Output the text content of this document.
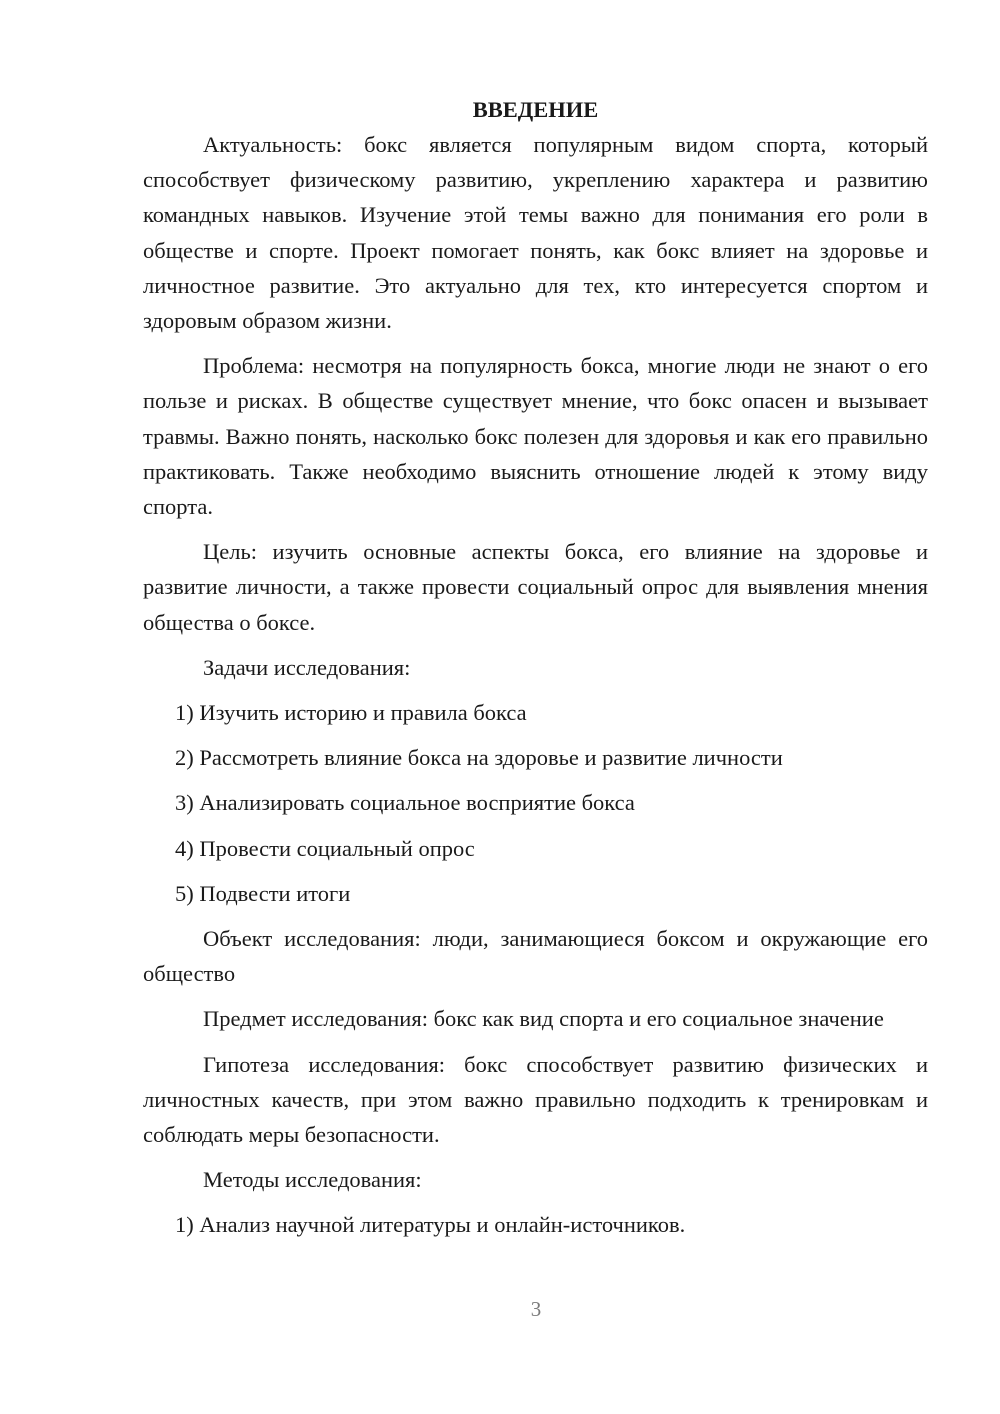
ВВЕДЕНИЕ

Актуальность: бокс является популярным видом спорта, который способствует физическому развитию, укреплению характера и развитию командных навыков. Изучение этой темы важно для понимания его роли в обществе и спорте. Проект помогает понять, как бокс влияет на здоровье и личностное развитие. Это актуально для тех, кто интересуется спортом и здоровым образом жизни.

Проблема: несмотря на популярность бокса, многие люди не знают о его пользе и рисках. В обществе существует мнение, что бокс опасен и вызывает травмы. Важно понять, насколько бокс полезен для здоровья и как его правильно практиковать. Также необходимо выяснить отношение людей к этому виду спорта.

Цель: изучить основные аспекты бокса, его влияние на здоровье и развитие личности, а также провести социальный опрос для выявления мнения общества о боксе.

Задачи исследования:

1) Изучить историю и правила бокса

2) Рассмотреть влияние бокса на здоровье и развитие личности

3) Анализировать социальное восприятие бокса

4) Провести социальный опрос

5) Подвести итоги

Объект исследования: люди, занимающиеся боксом и окружающие его общество

Предмет исследования: бокс как вид спорта и его социальное значение

Гипотеза исследования: бокс способствует развитию физических и личностных качеств, при этом важно правильно подходить к тренировкам и соблюдать меры безопасности.

Методы исследования:

1) Анализ научной литературы и онлайн-источников.

3
